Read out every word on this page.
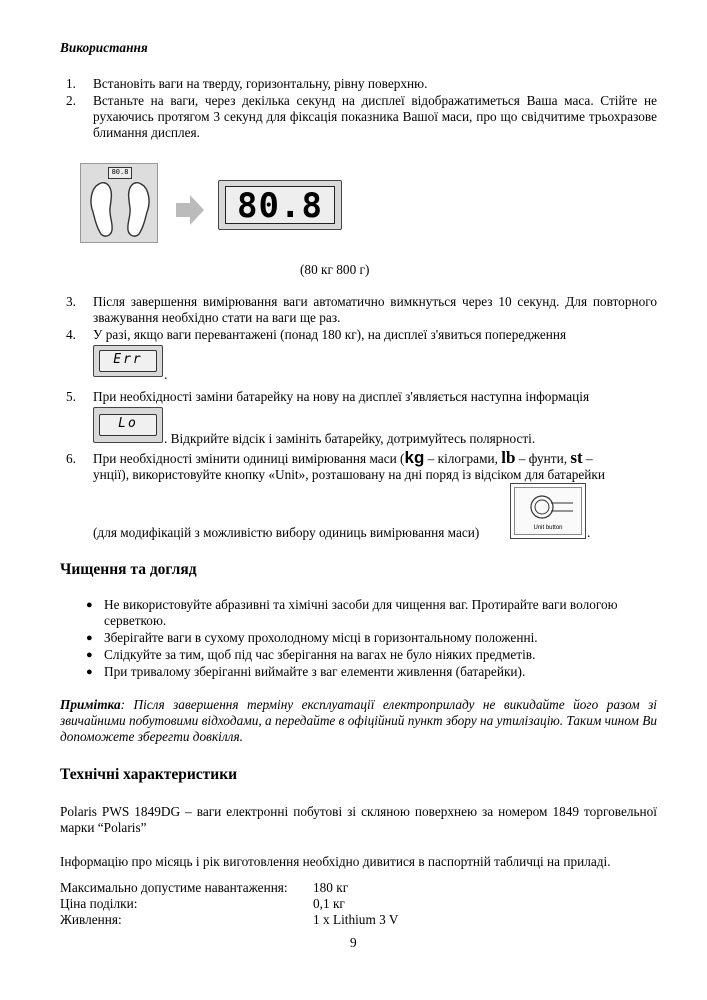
Використання
1. Встановіть ваги на тверду, горизонтальну, рівну поверхню.
2. Встаньте на ваги, через декілька секунд на дисплеї відображатиметься Ваша маса. Стійте не рухаючись протягом 3 секунд для фіксація показника Вашої маси, про що свідчитиме трьохразове блимання дисплея.
80.8
80.8
(80 кг 800 г)
3. Після завершення вимірювання ваги автоматично вимкнуться через 10 секунд. Для повторного зважування необхідно стати на ваги ще раз.
4. У разі, якщо ваги перевантажені (понад 180 кг), на дисплеї з'явиться попередження
Err
.
5. При необхідності заміни батарейку на нову на дисплеї з'являється наступна інформація
Lo
. Відкрийте відсік і замініть батарейку, дотримуйтесь полярності.
6. При необхідності змінити одиниці вимірювання маси (kg – кілограми, lb – фунти, st –
унції), використовуйте кнопку «Unit», розташовану на дні поряд із відсіком для батарейки
(для модифікацій з можливістю вибору одиниць вимірювання маси)	Unit button	.
Чищення та догляд
● Не використовуйте абразивні та хімічні засоби для чищення ваг. Протирайте ваги вологою серветкою.
● Зберігайте ваги в сухому прохолодному місці в горизонтальному положенні.
● Слідкуйте за тим, щоб під час зберігання на вагах не було ніяких предметів.
● При тривалому зберіганні виймайте з ваг елементи живлення (батарейки).
Примітка: Після завершення терміну експлуатації електроприладу не викидайте його разом зі звичайними побутовими відходами, а передайте в офіційний пункт збору на утилізацію. Таким чином Ви допоможете зберегти довкілля.
Технічні характеристики
Polaris PWS 1849DG – ваги електронні побутові зі скляною поверхнею за номером 1849 торговельної марки “Polaris”
Інформацію про місяць і рік виготовлення необхідно дивитися в паспортній табличці на приладі.
Максимально допустиме навантаження: 180 кг
Ціна поділки:	0,1 кг
Живлення:	1 x Lithium 3 V
9
